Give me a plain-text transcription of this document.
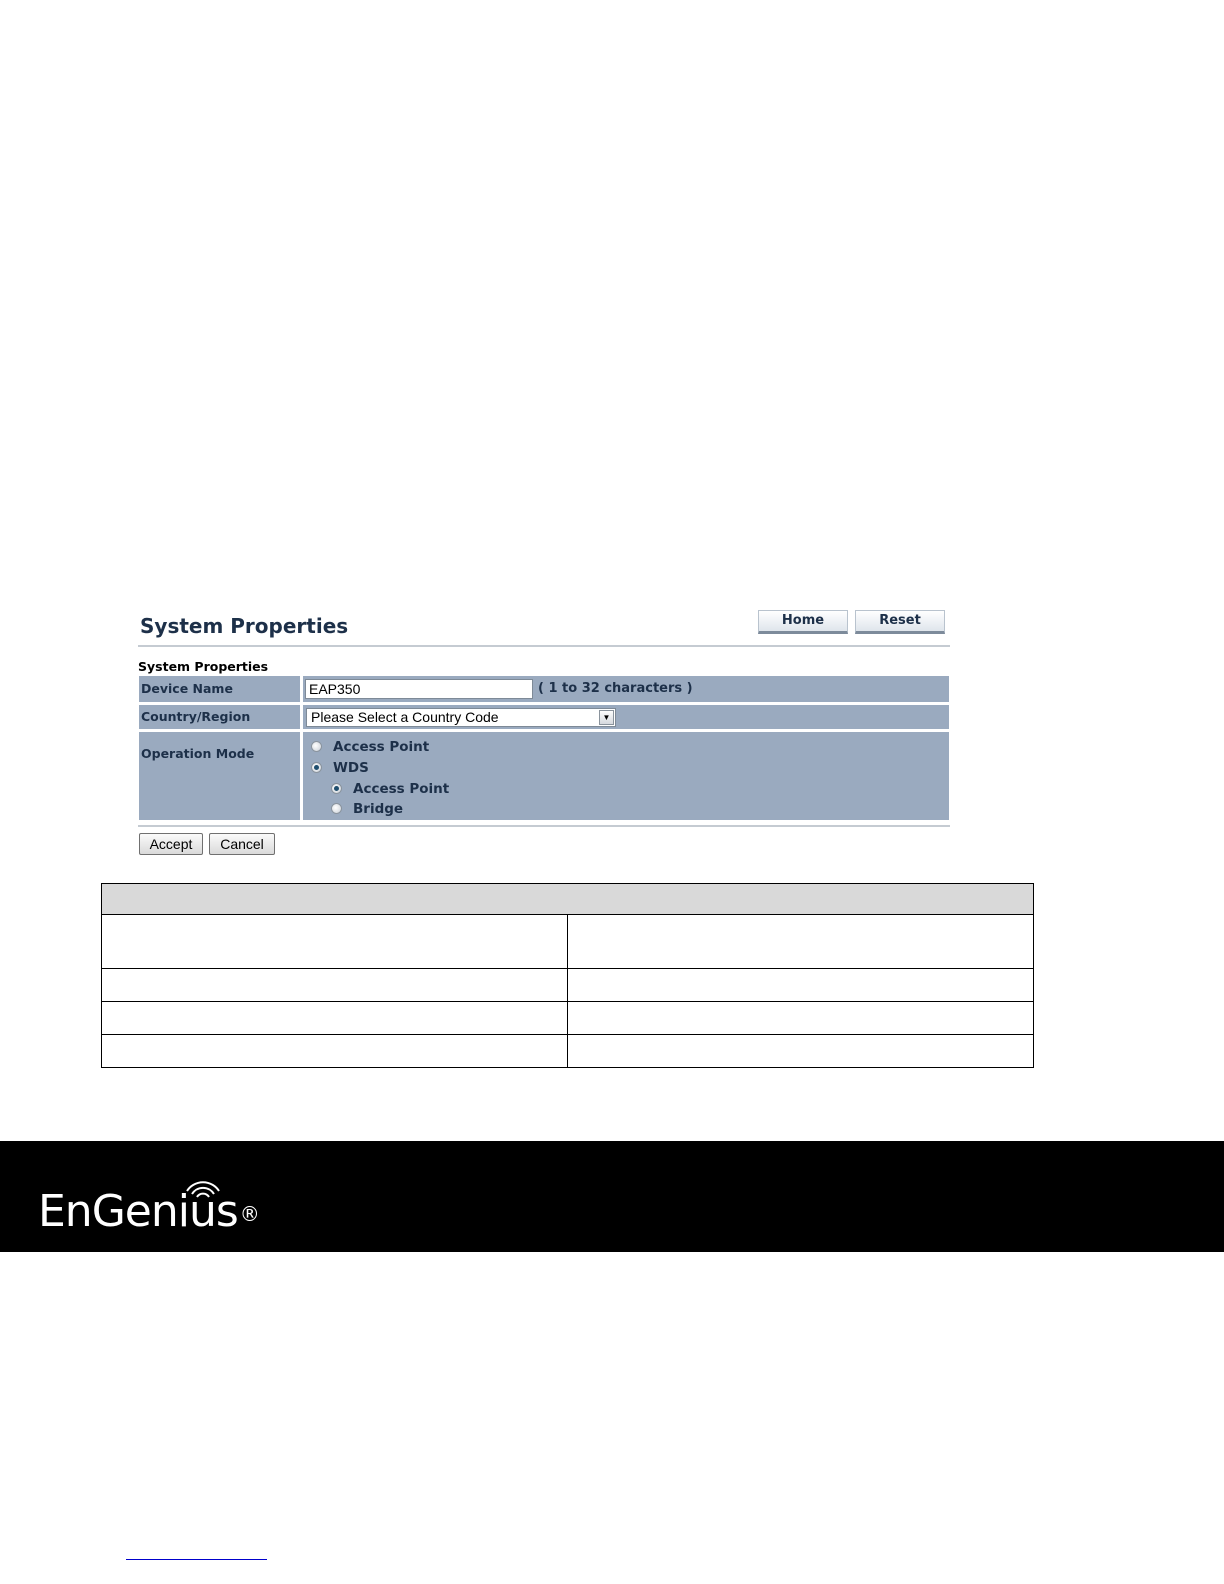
System Properties	Home	Reset
System Properties
Device Name	EAP350	( 1 to 32 characters )
Country/Region	Please Select a Country Code	▼
Operation Mode	Access Point
WDS
Access Point
Bridge
Accept	Cancel

EnGenius ®
